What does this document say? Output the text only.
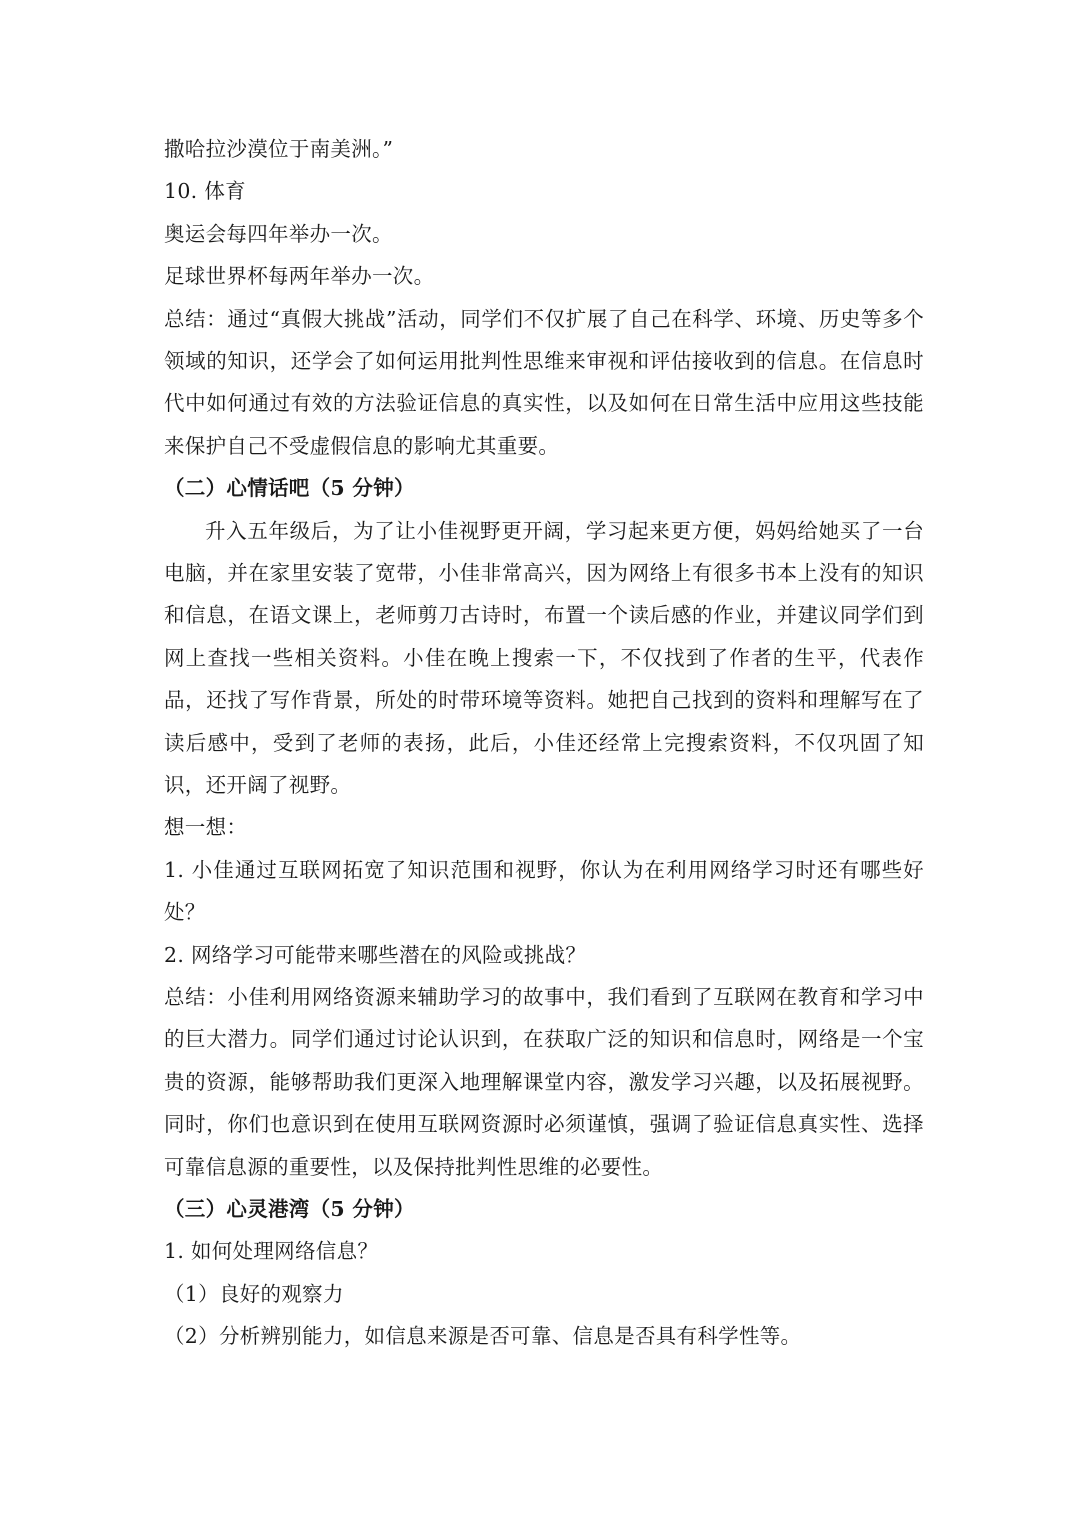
撒哈拉沙漠位于南美洲。”
10. 体育
奥运会每四年举办一次。
足球世界杯每两年举办一次。
总结：通过“真假大挑战”活动，同学们不仅扩展了自己在科学、环境、历史等多个领域的知识，还学会了如何运用批判性思维来审视和评估接收到的信息。在信息时代中如何通过有效的方法验证信息的真实性，以及如何在日常生活中应用这些技能来保护自己不受虚假信息的影响尤其重要。
（二）心情话吧（5 分钟）
升入五年级后，为了让小佳视野更开阔，学习起来更方便，妈妈给她买了一台电脑，并在家里安装了宽带，小佳非常高兴，因为网络上有很多书本上没有的知识和信息，在语文课上，老师剪刀古诗时，布置一个读后感的作业，并建议同学们到网上查找一些相关资料。小佳在晚上搜索一下，不仅找到了作者的生平，代表作品，还找了写作背景，所处的时带环境等资料。她把自己找到的资料和理解写在了读后感中，受到了老师的表扬，此后，小佳还经常上完搜索资料，不仅巩固了知识，还开阔了视野。
想一想：
1. 小佳通过互联网拓宽了知识范围和视野，你认为在利用网络学习时还有哪些好处？
2. 网络学习可能带来哪些潜在的风险或挑战？
总结：小佳利用网络资源来辅助学习的故事中，我们看到了互联网在教育和学习中的巨大潜力。同学们通过讨论认识到，在获取广泛的知识和信息时，网络是一个宝贵的资源，能够帮助我们更深入地理解课堂内容，激发学习兴趣，以及拓展视野。同时，你们也意识到在使用互联网资源时必须谨慎，强调了验证信息真实性、选择可靠信息源的重要性，以及保持批判性思维的必要性。
（三）心灵港湾（5 分钟）
1. 如何处理网络信息？
（1）良好的观察力
（2）分析辨别能力，如信息来源是否可靠、信息是否具有科学性等。
